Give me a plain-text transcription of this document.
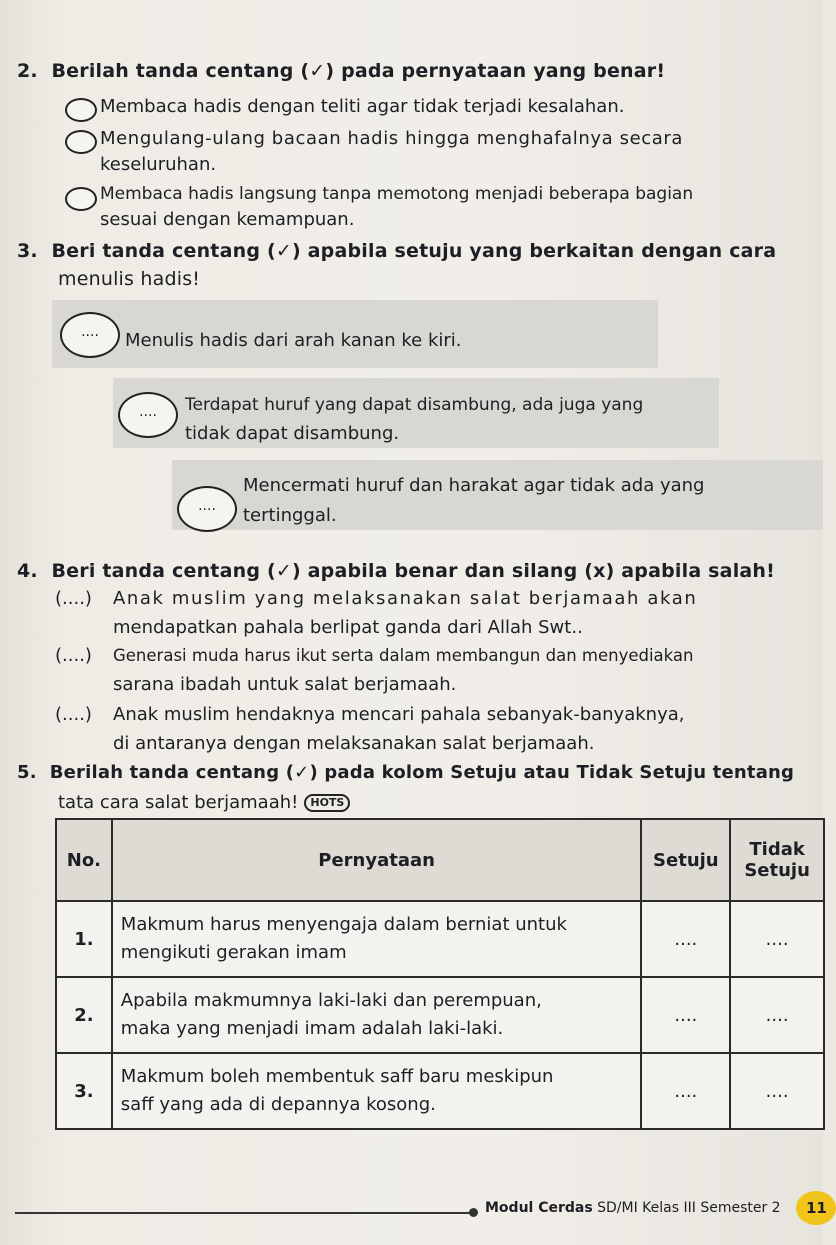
2. Berilah tanda centang (✓) pada pernyataan yang benar!
Membaca hadis dengan teliti agar tidak terjadi kesalahan.
Mengulang-ulang bacaan hadis hingga menghafalnya secara
keseluruhan.
Membaca hadis langsung tanpa memotong menjadi beberapa bagian
sesuai dengan kemampuan.
3. Beri tanda centang (✓) apabila setuju yang berkaitan dengan cara
menulis hadis!
....	Menulis hadis dari arah kanan ke kiri.
....	Terdapat huruf yang dapat disambung, ada juga yang
tidak dapat disambung.
....
Mencermati huruf dan harakat agar tidak ada yang
tertinggal.
4. Beri tanda centang (✓) apabila benar dan silang (x) apabila salah!
(....) Anak muslim yang melaksanakan salat berjamaah akan
mendapatkan pahala berlipat ganda dari Allah Swt..
(....) Generasi muda harus ikut serta dalam membangun dan menyediakan
sarana ibadah untuk salat berjamaah.
(....) Anak muslim hendaknya mencari pahala sebanyak-banyaknya,
di antaranya dengan melaksanakan salat berjamaah.
5. Berilah tanda centang (✓) pada kolom Setuju atau Tidak Setuju tentang
tata cara salat berjamaah! HOTS
No.	Pernyataan	Setuju	Tidak
Setuju
1.	Makmum harus menyengaja dalam berniat untuk
mengikuti gerakan imam	....	....
2.	Apabila makmumnya laki-laki dan perempuan,
maka yang menjadi imam adalah laki-laki.	....	....
3.	Makmum boleh membentuk saff baru meskipun
saff yang ada di depannya kosong.	....	....
Modul Cerdas SD/MI Kelas III Semester 2	11
